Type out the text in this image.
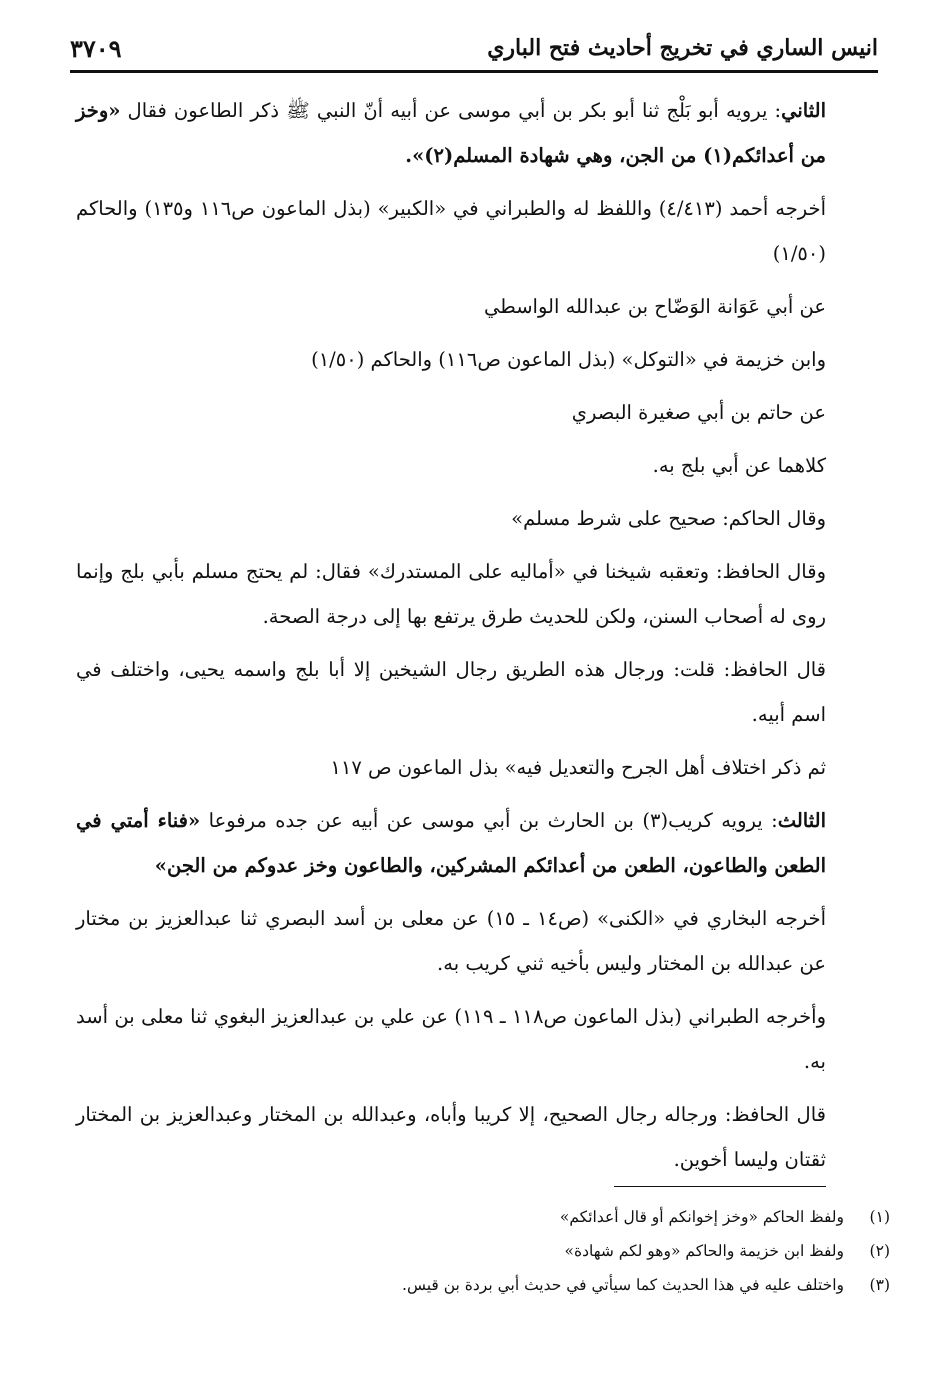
انيس الساري في تخريج أحاديث فتح الباري
٣٧٠٩

الثاني: يرويه أبو بَلْج ثنا أبو بكر بن أبي موسى عن أبيه أنّ النبي ﷺ ذكر الطاعون فقال «وخز من أعدائكم(١) من الجن، وهي شهادة المسلم(٢)».

أخرجه أحمد (٤/٤١٣) واللفظ له والطبراني في «الكبير» (بذل الماعون ص١١٦ و١٣٥) والحاكم (١/٥٠)

عن أبي عَوَانة الوَضّاح بن عبدالله الواسطي

وابن خزيمة في «التوكل» (بذل الماعون ص١١٦) والحاكم (١/٥٠)

عن حاتم بن أبي صغيرة البصري

كلاهما عن أبي بلج به.

وقال الحاكم: صحيح على شرط مسلم»

وقال الحافظ: وتعقبه شيخنا في «أماليه على المستدرك» فقال: لم يحتج مسلم بأبي بلج وإنما روى له أصحاب السنن، ولكن للحديث طرق يرتفع بها إلى درجة الصحة.

قال الحافظ: قلت: ورجال هذه الطريق رجال الشيخين إلا أبا بلج واسمه يحيى، واختلف في اسم أبيه.

ثم ذكر اختلاف أهل الجرح والتعديل فيه» بذل الماعون ص ١١٧

الثالث: يرويه كريب(٣) بن الحارث بن أبي موسى عن أبيه عن جده مرفوعا «فناء أمتي في الطعن والطاعون، الطعن من أعدائكم المشركين، والطاعون وخز عدوكم من الجن»

أخرجه البخاري في «الكنى» (ص١٤ ـ ١٥) عن معلى بن أسد البصري ثنا عبدالعزيز بن مختار عن عبدالله بن المختار وليس بأخيه ثني كريب به.

وأخرجه الطبراني (بذل الماعون ص١١٨ ـ ١١٩) عن علي بن عبدالعزيز البغوي ثنا معلى بن أسد به.

قال الحافظ: ورجاله رجال الصحيح، إلا كريبا وأباه، وعبدالله بن المختار وعبدالعزيز بن المختار ثقتان وليسا أخوين.

(١)
ولفظ الحاكم «وخز إخوانكم أو قال أعدائكم»
(٢)
ولفظ ابن خزيمة والحاكم «وهو لكم شهادة»
(٣)
واختلف عليه في هذا الحديث كما سيأتي في حديث أبي بردة بن قيس.
